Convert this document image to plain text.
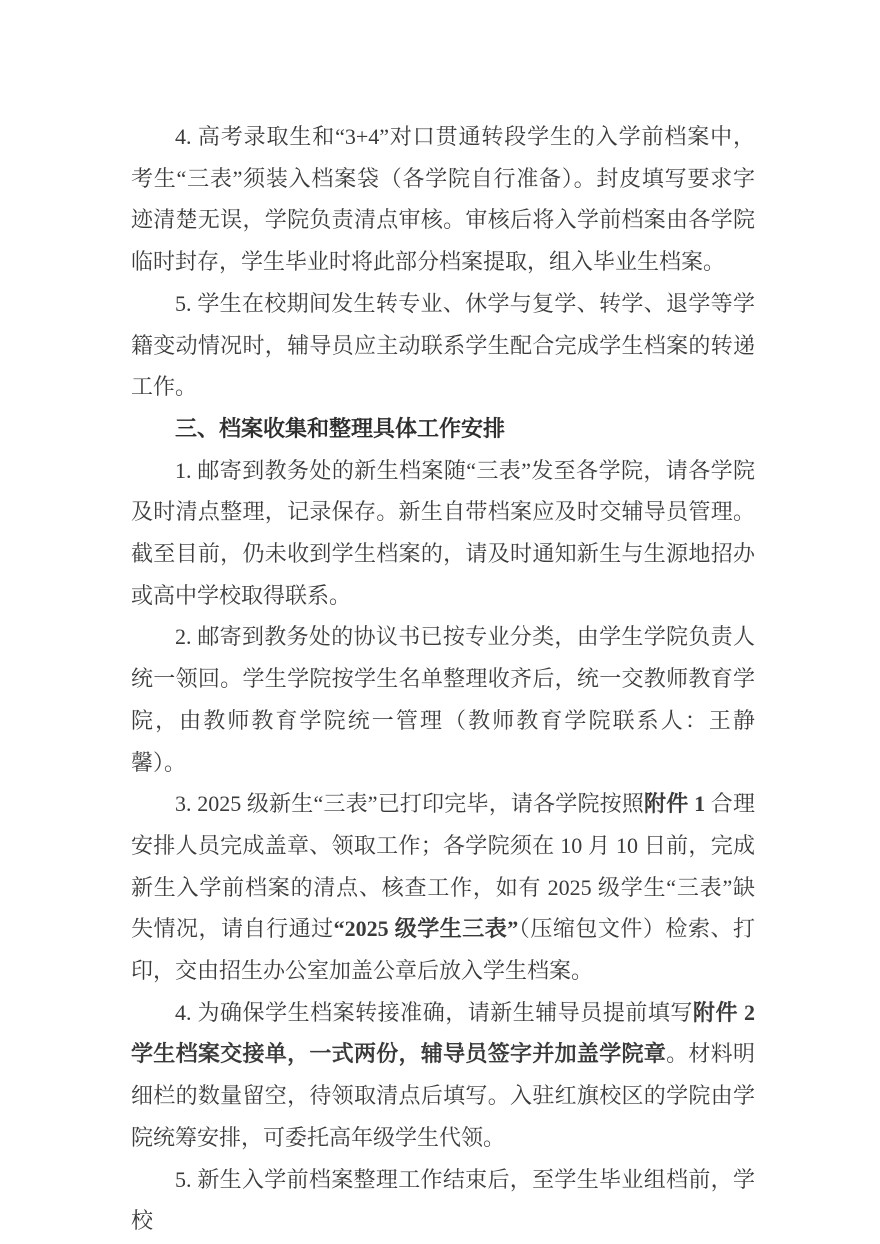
4. 高考录取生和“3+4”对口贯通转段学生的入学前档案中，考生“三表”须装入档案袋（各学院自行准备）。封皮填写要求字迹清楚无误，学院负责清点审核。审核后将入学前档案由各学院临时封存，学生毕业时将此部分档案提取，组入毕业生档案。

5. 学生在校期间发生转专业、休学与复学、转学、退学等学籍变动情况时，辅导员应主动联系学生配合完成学生档案的转递工作。

三、档案收集和整理具体工作安排

1. 邮寄到教务处的新生档案随“三表”发至各学院，请各学院及时清点整理，记录保存。新生自带档案应及时交辅导员管理。截至目前，仍未收到学生档案的，请及时通知新生与生源地招办或高中学校取得联系。

2. 邮寄到教务处的协议书已按专业分类，由学生学院负责人统一领回。学生学院按学生名单整理收齐后，统一交教师教育学院，由教师教育学院统一管理（教师教育学院联系人：王静馨）。

3. 2025 级新生“三表”已打印完毕，请各学院按照附件 1 合理安排人员完成盖章、领取工作；各学院须在 10 月 10 日前，完成新生入学前档案的清点、核查工作，如有 2025 级学生“三表”缺失情况，请自行通过“2025 级学生三表”（压缩包文件）检索、打印，交由招生办公室加盖公章后放入学生档案。

4. 为确保学生档案转接准确，请新生辅导员提前填写附件 2 学生档案交接单，一式两份，辅导员签字并加盖学院章。材料明细栏的数量留空，待领取清点后填写。入驻红旗校区的学院由学院统筹安排，可委托高年级学生代领。

5. 新生入学前档案整理工作结束后，至学生毕业组档前，学校
